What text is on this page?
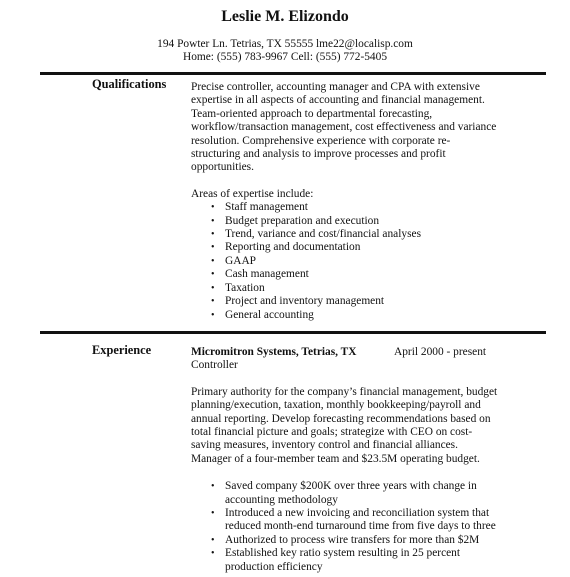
Leslie M. Elizondo
194 Powter Ln. Tetrias, TX 55555 lme22@localisp.com
Home: (555) 783-9967 Cell: (555) 772-5405
Qualifications Precise controller, accounting manager and CPA with extensive
expertise in all aspects of accounting and financial management.
Team-oriented approach to departmental forecasting,
workflow/transaction management, cost effectiveness and variance
resolution. Comprehensive experience with corporate re-
structuring and analysis to improve processes and profit
opportunities.

Areas of expertise include:

• Staff management
• Budget preparation and execution
• Trend, variance and cost/financial analyses
• Reporting and documentation
• GAAP
• Cash management
• Taxation
• Project and inventory management
• General accounting
Experience	Micromitron Systems, Tetrias, TX	April 2000 - present
Controller

Primary authority for the company’s financial management, budget
planning/execution, taxation, monthly bookkeeping/payroll and
annual reporting. Develop forecasting recommendations based on
total financial picture and goals; strategize with CEO on cost-
saving measures, inventory control and financial alliances.
Manager of a four-member team and $23.5M operating budget.

• Saved company $200K over three years with change in
accounting methodology
• Introduced a new invoicing and reconciliation system that
reduced month-end turnaround time from five days to three
• Authorized to process wire transfers for more than $2M
• Established key ratio system resulting in 25 percent
production efficiency
